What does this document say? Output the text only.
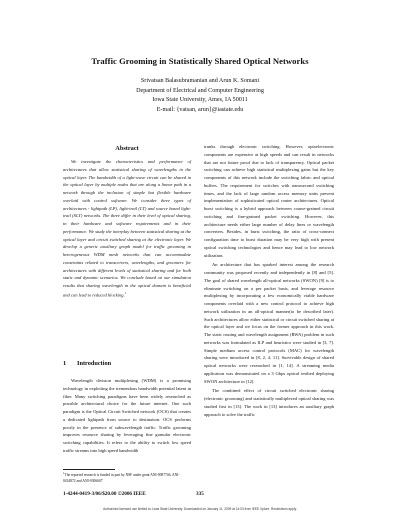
Traffic Grooming in Statistically Shared Optical Networks
Srivatsan Balasubramanian and Arun K. Somani
Department of Electrical and Computer Engineering
Iowa State University, Ames, IA 50011
E-mail: {vatsan, arun}@iastate.edu
Abstract

We investigate the characteristics and performance of architectures that allow statistical sharing of wavelengths in the optical layer. The bandwidth of a light-wave circuit can be shared in the optical layer by multiple nodes that are along a linear path in a network through the inclusion of simple but flexible hardware overlaid with control software. We consider three types of architectures - lightpath (LP), light-trail (LT) and source based light-trail (SLT) networks. The three differ in their level of optical sharing, in their hardware and software requirements and in their performance. We study the interplay between statistical sharing at the optical layer and circuit switched sharing at the electronic layer. We develop a generic auxiliary graph model for traffic grooming in heterogeneous WDM mesh networks that can accommodate constraints related to transceivers, wavelengths, and groomers for architectures with different levels of statistical sharing and for both static and dynamic scenarios. We conclude based on our simulation results that sharing wavelength in the optical domain is beneficial and can lead to reduced blocking.$^1$

1 Introduction

Wavelength division multiplexing (WDM) is a promising technology in exploiting the tremendous bandwidth potential latent in fiber. Many switching paradigms have been widely researched as possible architectural choice for the future internet. One such paradigm is the Optical Circuit Switched network (OCS) that creates a dedicated lightpath from source to destination. OCS performs poorly in the presence of subwavelength traffic. Traffic grooming improves resource sharing by leveraging fine granular electronic switching capabilities. It refers to the ability to switch low speed traffic streams into high speed bandwidth

trunks through electronic switching. However, optoelectronic components are expensive at high speeds and can result in networks that are not future proof due to lack of transparency. Optical packet switching can achieve high statistical multiplexing gains but the key components of this network include the switching fabric and optical buffers. The requirement for switches with nanosecond switching times, and the lack of large random access memory units prevent implementation of sophisticated optical router architectures. Optical burst switching is a hybrid approach between coarse-grained circuit switching and fine-grained packet switching. However, this architecture needs either large number of delay lines or wavelength converters. Besides, in burst switching, the ratio of cross-connect configuration time to burst duration may be very high with present optical switching technologies and hence may lead to low network utilization.

An architecture that has sparked interest among the research community was proposed recently and independently in [8] and [5]. The goal of shared wavelength all-optical networks (SWON) [9] is to eliminate switching on a per packet basis, and leverage resource multiplexing by incorporating a few economically viable hardware components overlaid with a new control protocol to achieve high network utilization in an all-optical manner(to be described later). Such architectures allow either statistical or circuit switched sharing at the optical layer and we focus on the former approach in this work. The static routing and wavelength assignment (RWA) problem in such networks was formulated as ILP and heuristics were studied in [3, 7]. Simple medium access control protocols (MAC) for wavelength sharing were introduced in [8, 2, 4, 11]. Survivable design of shared optical networks were researched in [1, 14]. A streaming media application was demonstrated on a 3 Gbps optical testbed deploying SWON architecture in [12].

The combined effect of circuit switched electronic sharing (electronic grooming) and statistically multiplexed optical sharing was studied first in [13]. The work in [13] introduces an auxiliary graph approach to solve the traffic

$^1$The reported research is funded in part by NSF under grant ANI-0087746, ANI-0434872 and ANI-0306607
1-4244-0419-3/06/$20.00 ©2006 IEEE	335
Authorized licensed use limited to: Iowa State University. Downloaded on January 11, 2009 at 14:03 from IEEE Xplore. Restrictions apply.
